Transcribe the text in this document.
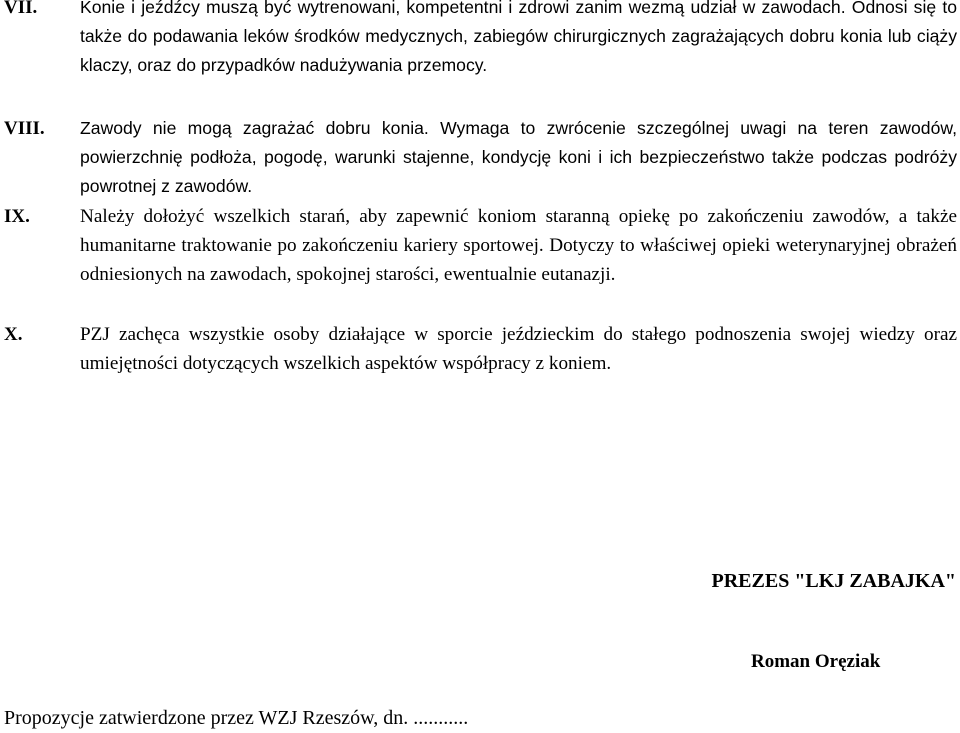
VII. Konie i jeźdźcy muszą być wytrenowani, kompetentni i zdrowi zanim wezmą udział w zawodach. Odnosi się to także do podawania leków środków medycznych, zabiegów chirurgicznych zagrażających dobru konia lub ciąży klaczy, oraz do przypadków nadużywania przemocy.
VIII. Zawody nie mogą zagrażać dobru konia. Wymaga to zwrócenie szczególnej uwagi na teren zawodów, powierzchnię podłoża, pogodę, warunki stajenne, kondycję koni i ich bezpieczeństwo także podczas podróży powrotnej z zawodów.
IX.	Należy dołożyć wszelkich starań, aby zapewnić koniom staranną opiekę po zakończeniu zawodów, a także humanitarne traktowanie po zakończeniu kariery sportowej. Dotyczy to właściwej opieki weterynaryjnej obrażeń odniesionych na zawodach, spokojnej starości, ewentualnie eutanazji.
X.	PZJ zachęca wszystkie osoby działające w sporcie jeździeckim do stałego podnoszenia swojej wiedzy oraz umiejętności dotyczących wszelkich aspektów współpracy z koniem.
PREZES "LKJ ZABAJKA"
Roman Oręziak
Propozycje zatwierdzone przez WZJ Rzeszów, dn. ...........
